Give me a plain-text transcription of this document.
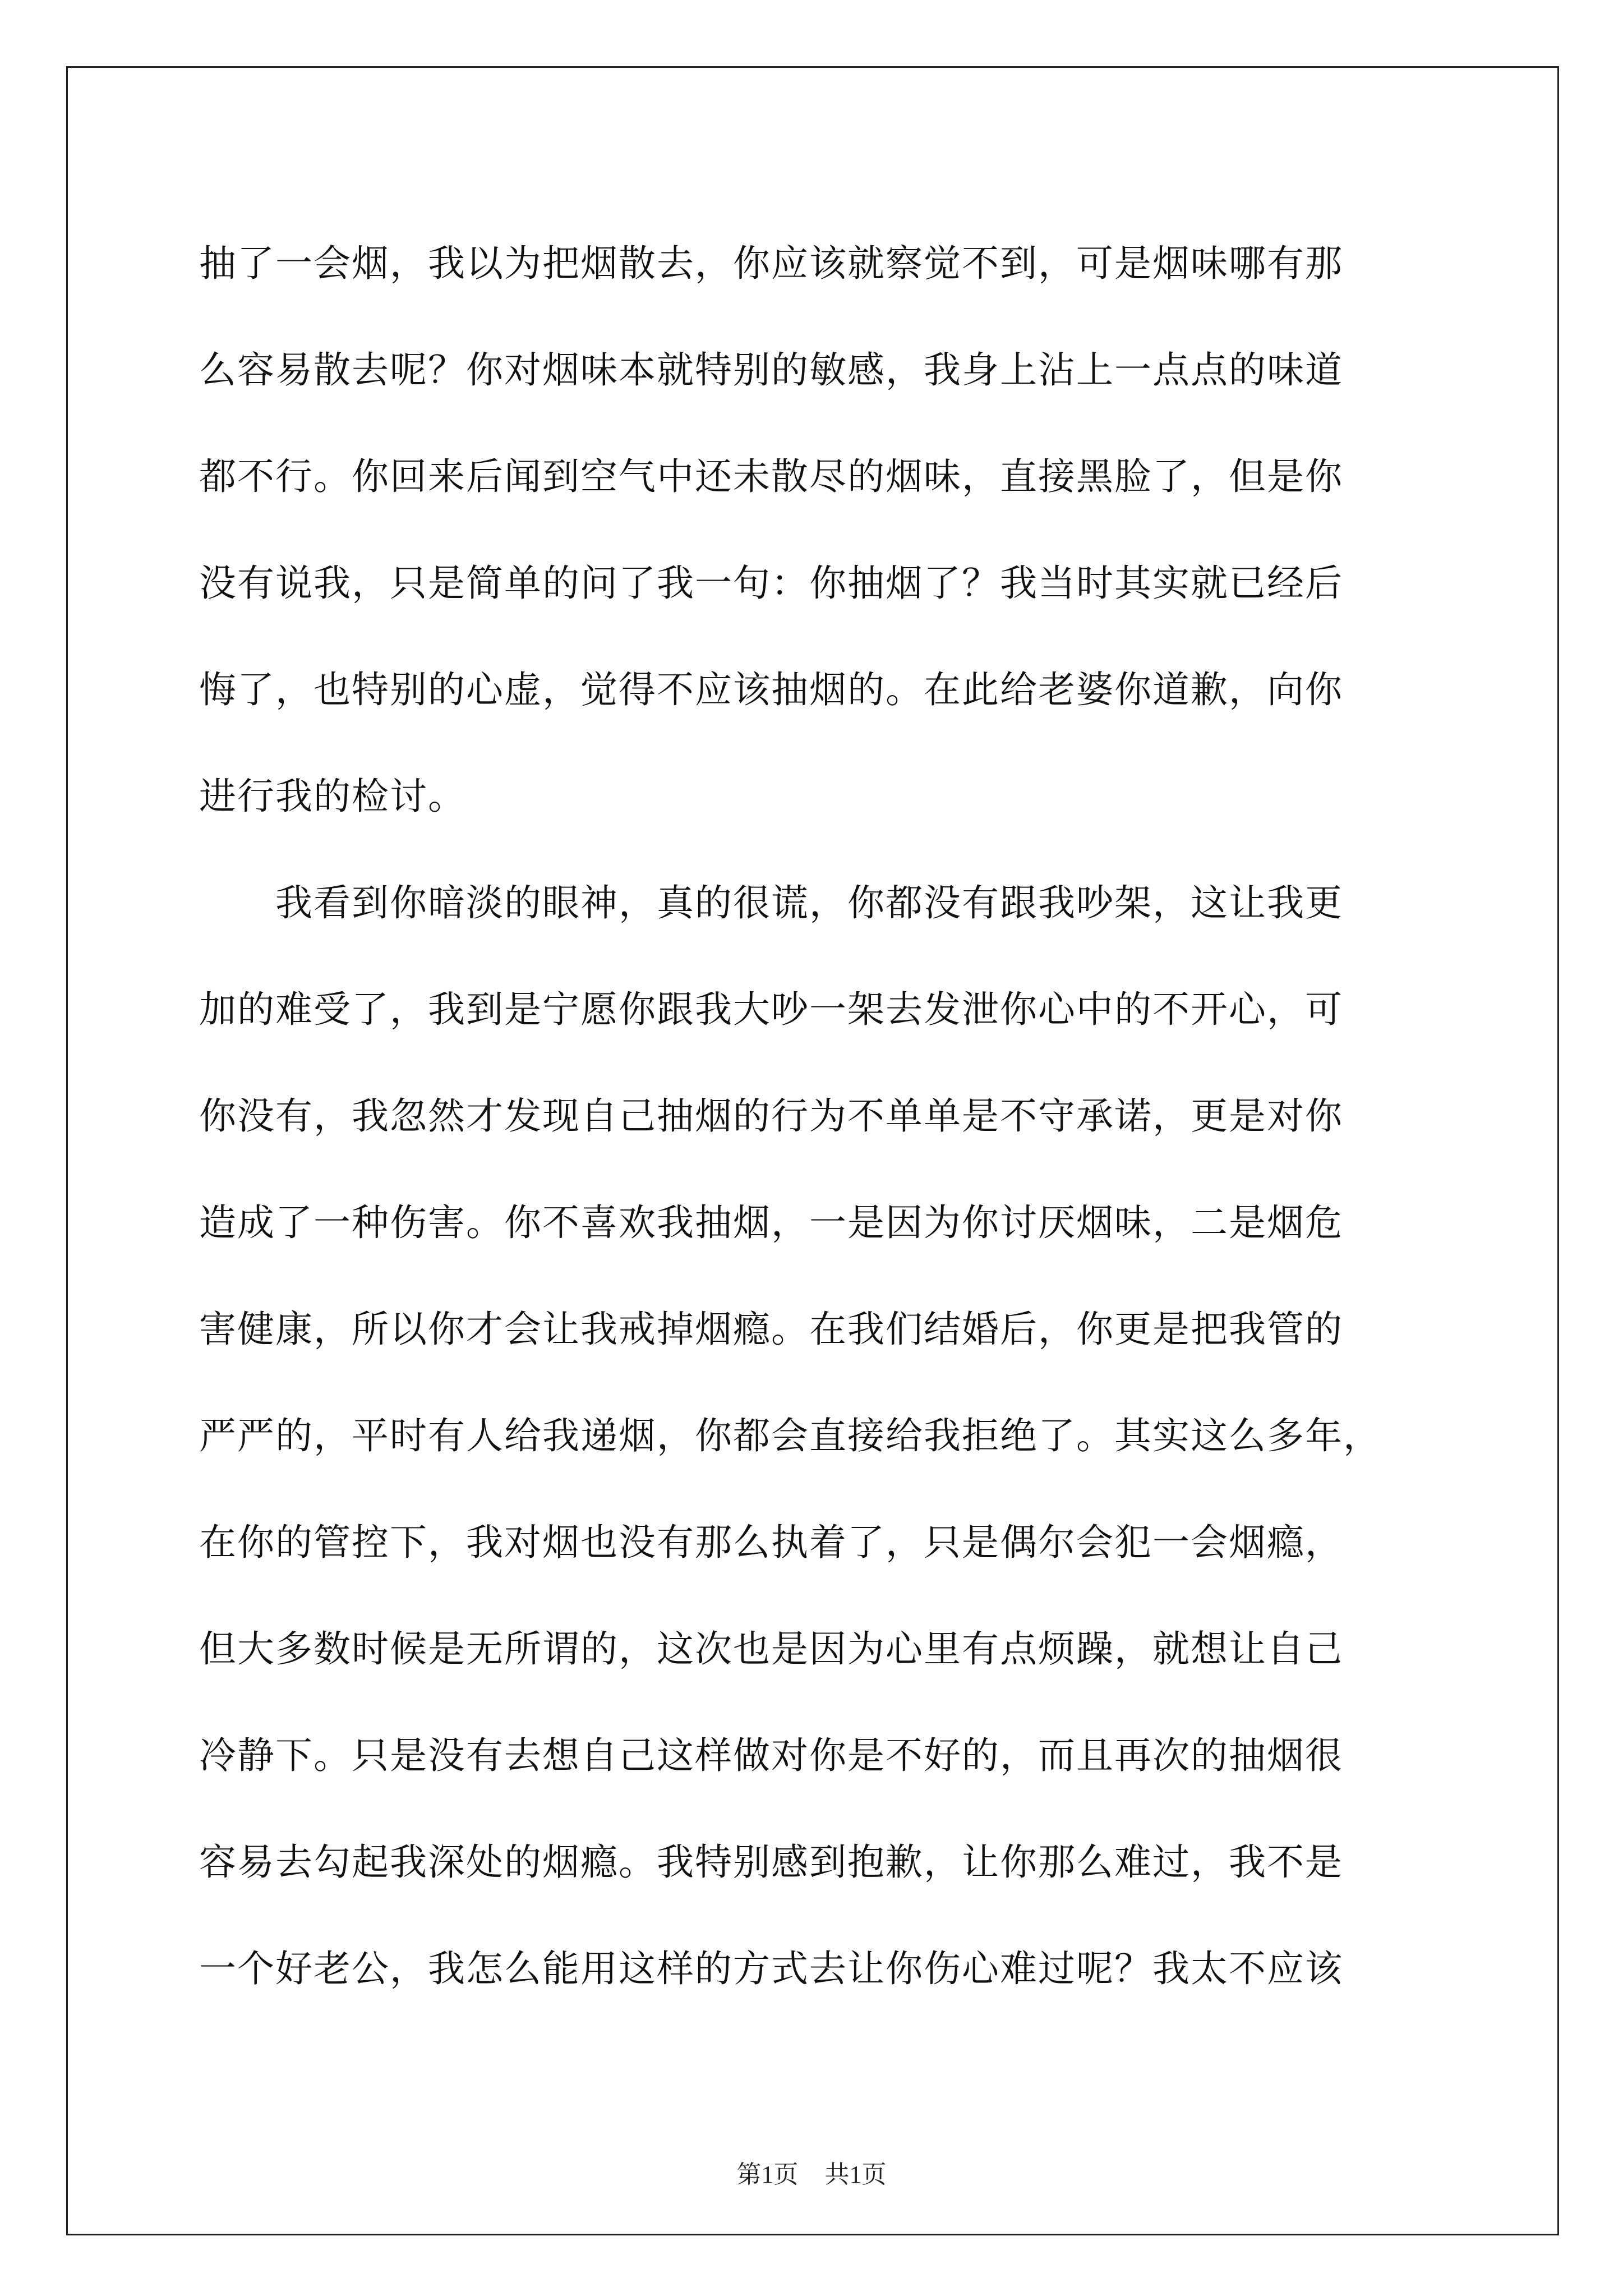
抽了一会烟，我以为把烟散去，你应该就察觉不到，可是烟味哪有那
么容易散去呢？你对烟味本就特别的敏感，我身上沾上一点点的味道
都不行。你回来后闻到空气中还未散尽的烟味，直接黑脸了，但是你
没有说我，只是简单的问了我一句：你抽烟了？我当时其实就已经后
悔了，也特别的心虚，觉得不应该抽烟的。在此给老婆你道歉，向你
进行我的检讨。
　　我看到你暗淡的眼神，真的很谎，你都没有跟我吵架，这让我更
加的难受了，我到是宁愿你跟我大吵一架去发泄你心中的不开心，可
你没有，我忽然才发现自己抽烟的行为不单单是不守承诺，更是对你
造成了一种伤害。你不喜欢我抽烟，一是因为你讨厌烟味，二是烟危
害健康，所以你才会让我戒掉烟瘾。在我们结婚后，你更是把我管的
严严的，平时有人给我递烟，你都会直接给我拒绝了。其实这么多年，
在你的管控下，我对烟也没有那么执着了，只是偶尔会犯一会烟瘾，
但大多数时候是无所谓的，这次也是因为心里有点烦躁，就想让自己
冷静下。只是没有去想自己这样做对你是不好的，而且再次的抽烟很
容易去勾起我深处的烟瘾。我特别感到抱歉，让你那么难过，我不是
一个好老公，我怎么能用这样的方式去让你伤心难过呢？我太不应该
第1页 共1页
